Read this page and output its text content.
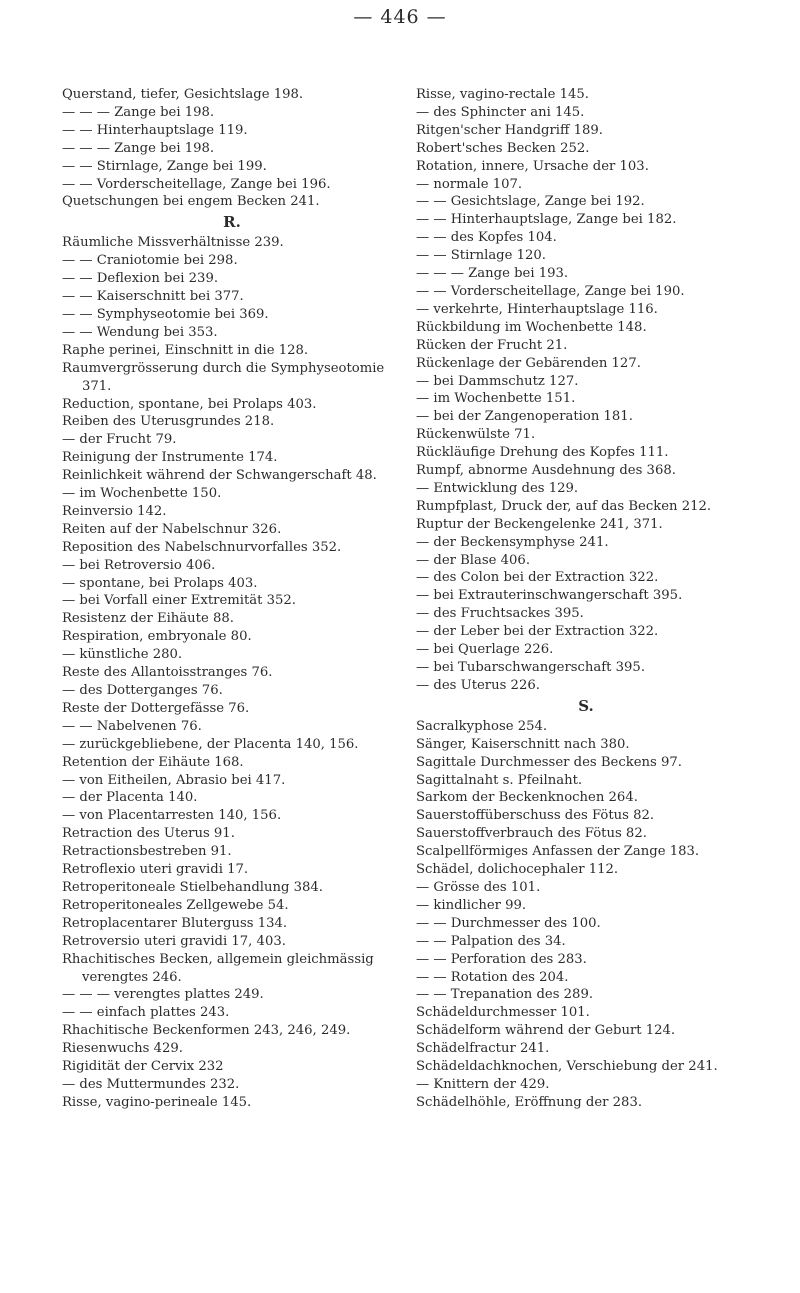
— 446 —
Querstand, tiefer, Gesichtslage 198.
— — — Zange bei 198.
— — Hinterhauptslage 119.
— — — Zange bei 198.
— — Stirnlage, Zange bei 199.
— — Vorderscheitellage, Zange bei 196.
Quetschungen bei engem Becken 241.
R.
Räumliche Missverhältnisse 239.
— — Craniotomie bei 298.
— — Deflexion bei 239.
— — Kaiserschnitt bei 377.
— — Symphyseotomie bei 369.
— — Wendung bei 353.
Raphe perinei, Einschnitt in die 128.
Raumvergrösserung durch die Symphyseotomie 371.
Reduction, spontane, bei Prolaps 403.
Reiben des Uterusgrundes 218.
— der Frucht 79.
Reinigung der Instrumente 174.
Reinlichkeit während der Schwangerschaft 48.
— im Wochenbette 150.
Reinversio 142.
Reiten auf der Nabelschnur 326.
Reposition des Nabelschnurvorfalles 352.
— bei Retroversio 406.
— spontane, bei Prolaps 403.
— bei Vorfall einer Extremität 352.
Resistenz der Eihäute 88.
Respiration, embryonale 80.
— künstliche 280.
Reste des Allantoisstranges 76.
— des Dotterganges 76.
Reste der Dottergefässe 76.
— — Nabelvenen 76.
— zurückgebliebene, der Placenta 140, 156.
Retention der Eihäute 168.
— von Eitheilen, Abrasio bei 417.
— der Placenta 140.
— von Placentarresten 140, 156.
Retraction des Uterus 91.
Retractionsbestreben 91.
Retroflexio uteri gravidi 17.
Retroperitoneale Stielbehandlung 384.
Retroperitoneales Zellgewebe 54.
Retroplacentarer Bluterguss 134.
Retroversio uteri gravidi 17, 403.
Rhachitisches Becken, allgemein gleichmässig verengtes 246.
— — — verengtes plattes 249.
— — einfach plattes 243.
Rhachitische Beckenformen 243, 246, 249.
Riesenwuchs 429.
Rigidität der Cervix 232
— des Muttermundes 232.
Risse, vagino-perineale 145.
Risse, vagino-rectale 145.
— des Sphincter ani 145.
Ritgen'scher Handgriff 189.
Robert'sches Becken 252.
Rotation, innere, Ursache der 103.
— normale 107.
— — Gesichtslage, Zange bei 192.
— — Hinterhauptslage, Zange bei 182.
— — des Kopfes 104.
— — Stirnlage 120.
— — — Zange bei 193.
— — Vorderscheitellage, Zange bei 190.
— verkehrte, Hinterhauptslage 116.
Rückbildung im Wochenbette 148.
Rücken der Frucht 21.
Rückenlage der Gebärenden 127.
— bei Dammschutz 127.
— im Wochenbette 151.
— bei der Zangenoperation 181.
Rückenwülste 71.
Rückläufige Drehung des Kopfes 111.
Rumpf, abnorme Ausdehnung des 368.
— Entwicklung des 129.
Rumpfplast, Druck der, auf das Becken 212.
Ruptur der Beckengelenke 241, 371.
— der Beckensymphyse 241.
— der Blase 406.
— des Colon bei der Extraction 322.
— bei Extrauterinschwangerschaft 395.
— des Fruchtsackes 395.
— der Leber bei der Extraction 322.
— bei Querlage 226.
— bei Tubarschwangerschaft 395.
— des Uterus 226.
S.
Sacralkyphose 254.
Sänger, Kaiserschnitt nach 380.
Sagittale Durchmesser des Beckens 97.
Sagittalnaht s. Pfeilnaht.
Sarkom der Beckenknochen 264.
Sauerstoffüberschuss des Fötus 82.
Sauerstoffverbrauch des Fötus 82.
Scalpellförmiges Anfassen der Zange 183.
Schädel, dolichocephaler 112.
— Grösse des 101.
— kindlicher 99.
— — Durchmesser des 100.
— — Palpation des 34.
— — Perforation des 283.
— — Rotation des 204.
— — Trepanation des 289.
Schädeldurchmesser 101.
Schädelform während der Geburt 124.
Schädelfractur 241.
Schädeldachknochen, Verschiebung der 241.
— Knittern der 429.
Schädelhöhle, Eröffnung der 283.
